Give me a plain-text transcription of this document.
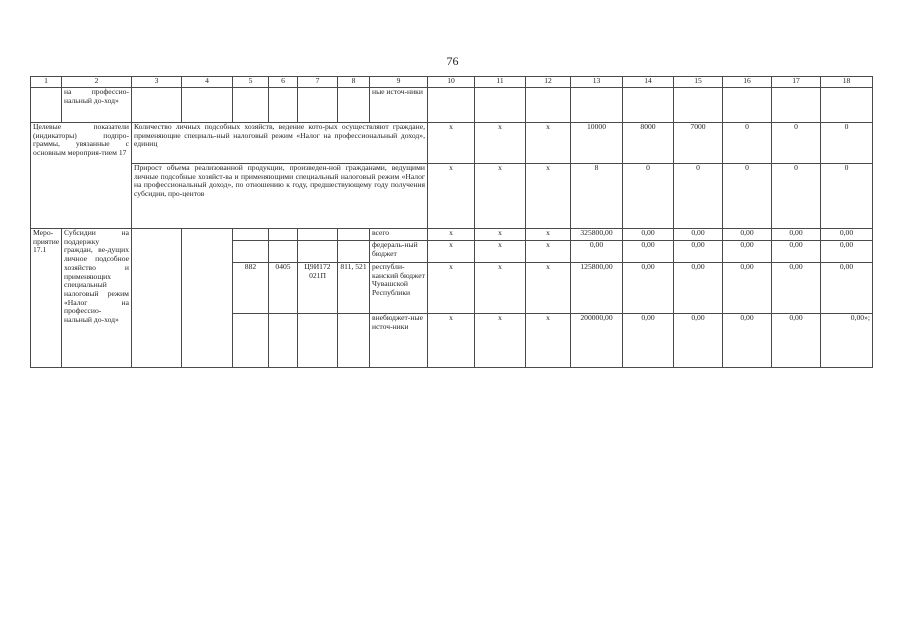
76
1	2	3	4	5	6	7	8	9	10	11	12	13	14	15	16	17	18
	на профессио-нальный до-ход»							ные источ-ники									
Целевые показатели (индикаторы) подпро-граммы, увязанные с основным мероприя-тием 17		Количество личных подсобных хозяйств, ведение кото-рых осуществляют граждане, применяющие специаль-ный налоговый режим «Налог на профессиональный доход», единиц							x	x	x	10000	8000	7000	0	0	0
		Прирост объема реализованной продукции, произведен-ной гражданами, ведущими личные подсобные хозяйст-ва и применяющими специальный налоговый режим «Налог на профессиональный доход», по отношению к году, предшествующему году получения субсидии, про-центов							x	x	x	8	0	0	0	0	0
Меро-приятие 17.1	Субсидии на поддержку граждан, ве-дущих личное подсобное хозяйство и применяющих специальный налоговый режим «Налог на профессио-нальный до-ход»							всего	x	x	x	325800,00	0,00	0,00	0,00	0,00	0,00
								федераль-ный бюджет	x	x	x	0,00	0,00	0,00	0,00	0,00	0,00
				882	0405	Ц9И172 021П	811, 521	республи-канский бюджет Чувашской Республики	x	x	x	125800,00	0,00	0,00	0,00	0,00	0,00
								внебюджет-ные источ-ники	x	x	x	200000,00	0,00	0,00	0,00	0,00	0,00»;
